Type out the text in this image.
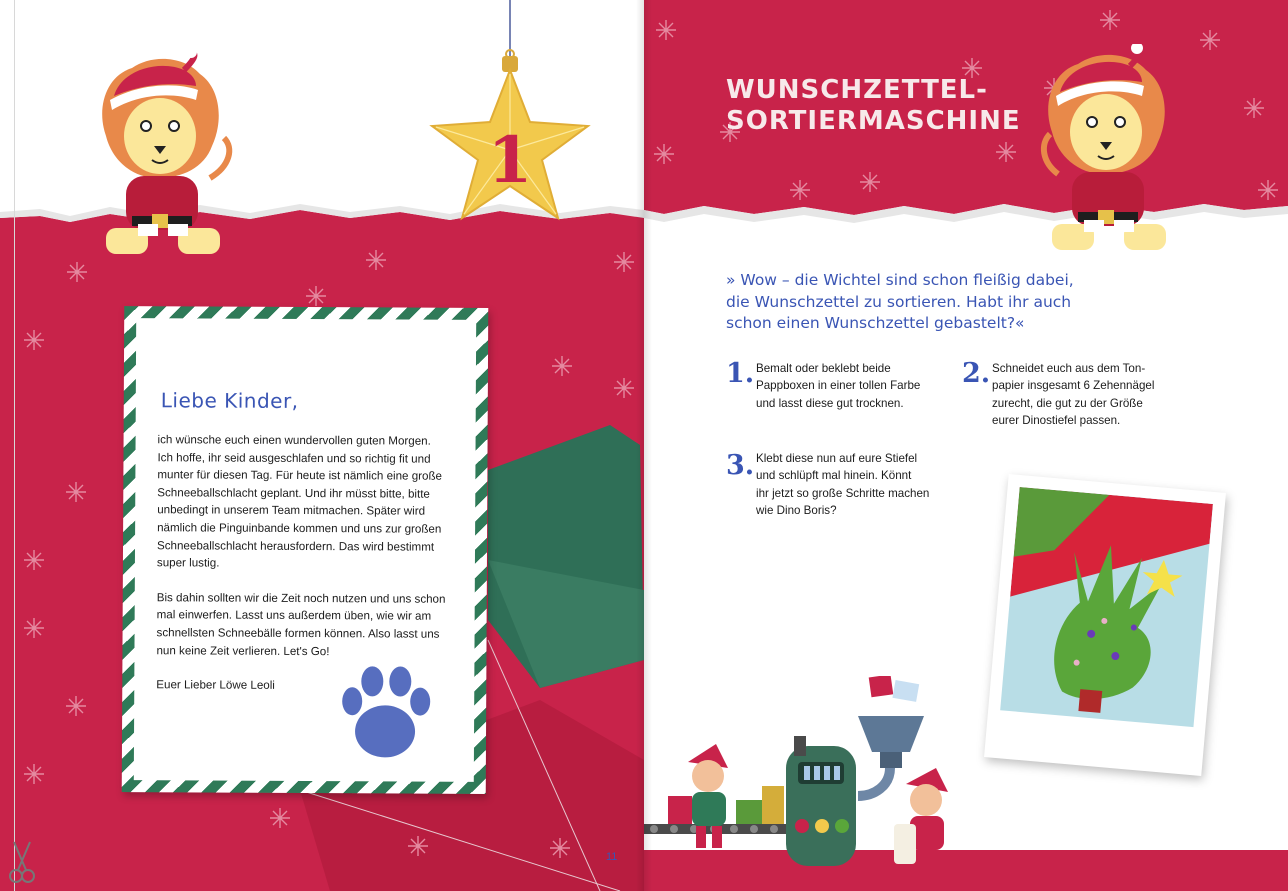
1
Liebe Kinder,

ich wünsche euch einen wundervollen guten Morgen.
Ich hoffe, ihr seid ausgeschlafen und so richtig fit und
munter für diesen Tag. Für heute ist nämlich eine große
Schneeballschlacht geplant. Und ihr müsst bitte, bitte
unbedingt in unserem Team mitmachen. Später wird
nämlich die Pinguinbande kommen und uns zur großen
Schneeballschlacht herausfordern. Das wird bestimmt
super lustig.

Bis dahin sollten wir die Zeit noch nutzen und uns schon
mal einwerfen. Lasst uns außerdem üben, wie wir am
schnellsten Schneebälle formen können. Also lasst uns
nun keine Zeit verlieren. Let's Go!

Euer Lieber Löwe Leoli

11
WUNSCHZETTEL-
SORTIERMASCHINE
» Wow – die Wichtel sind schon fleißig dabei,
die Wunschzettel zu sortieren. Habt ihr auch
schon einen Wunschzettel gebastelt?«
1. Bemalt oder beklebt beide
Pappboxen in einer tollen Farbe
und lasst diese gut trocknen.
2. Schneidet euch aus dem Ton-
papier insgesamt 6 Zehennägel
zurecht, die gut zu der Größe
eurer Dinostiefel passen.
3. Klebt diese nun auf eure Stiefel
und schlüpft mal hinein. Könnt
ihr jetzt so große Schritte machen
wie Dino Boris?
